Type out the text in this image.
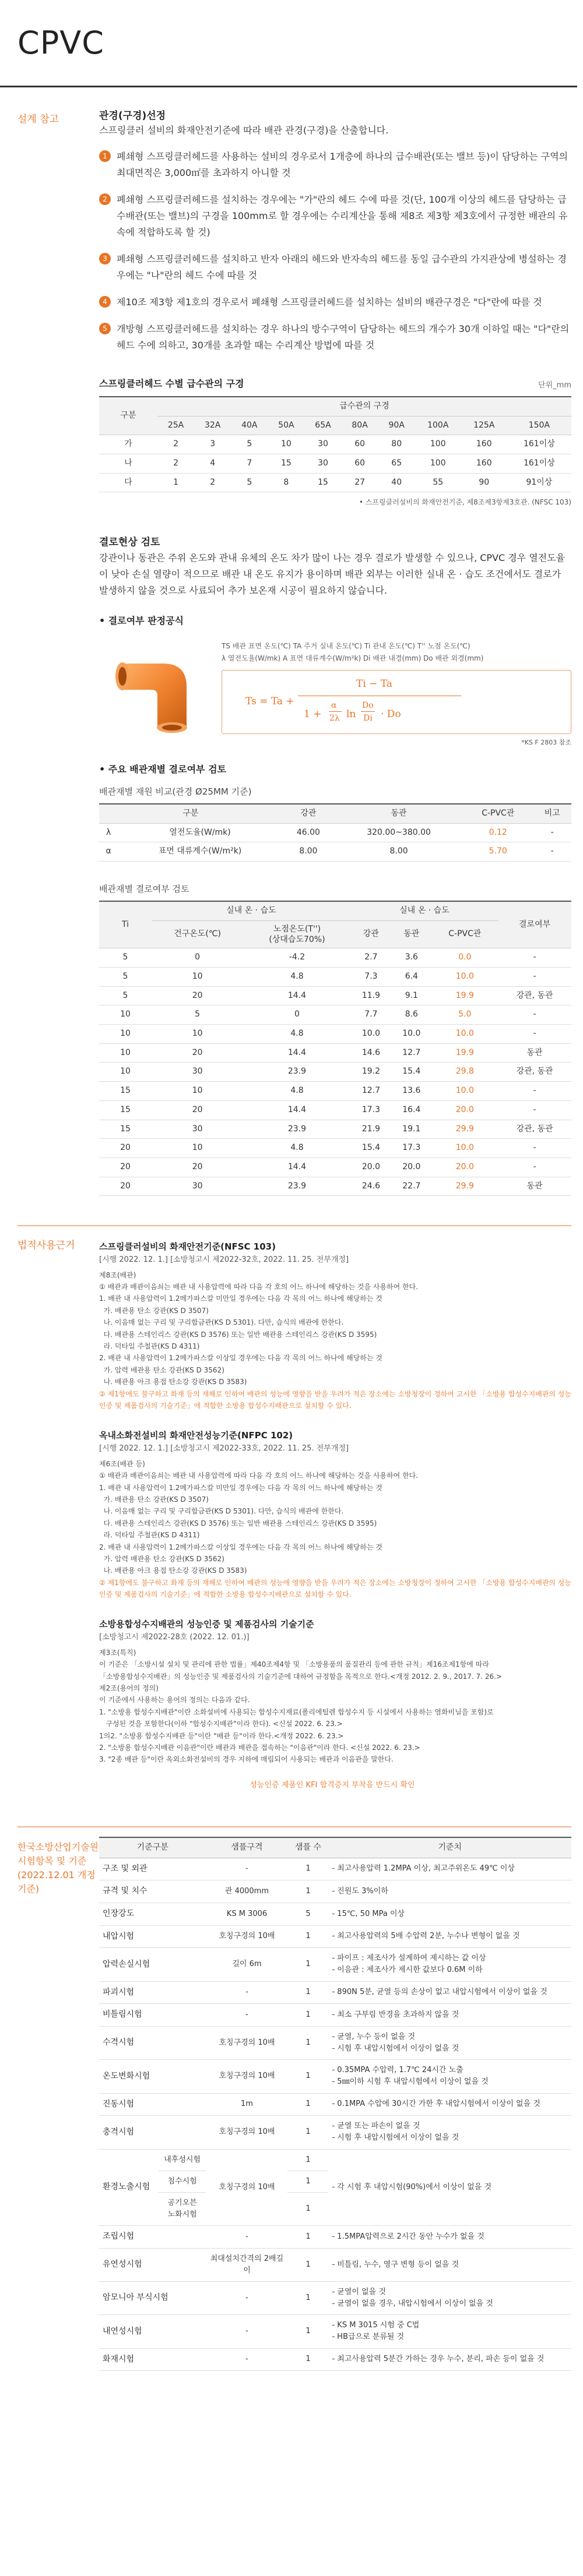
CPVC
설계 참고	관경(구경)선정
스프링클러 설비의 화재안전기준에 따라 배관 관경(구경)을 산출합니다.
1	폐쇄형 스프링클러헤드를 사용하는 설비의 경우로서 1개층에 하나의 급수배관(또는 밸브 등)이 담당하는 구역의 최대면적은 3,000㎡를 초과하지 아니할 것
2	폐쇄형 스프링클러헤드를 설치하는 경우에는 "가"란의 헤드 수에 따를 것(단, 100개 이상의 헤드를 담당하는 급수배관(또는 밸브)의 구경을 100mm로 할 경우에는 수리계산을 통해 제8조 제3항 제3호에서 규정한 배관의 유속에 적합하도록 할 것)
3	폐쇄형 스프링클러헤드를 설치하고 반자 아래의 헤드와 반자속의 헤드를 동일 급수관의 가지관상에 병설하는 경우에는 "나"란의 헤드 수에 따를 것
4	제10조 제3항 제1호의 경우로서 폐쇄형 스프링클러헤드를 설치하는 설비의 배관구경은 "다"란에 따를 것
5	개방형 스프링클러헤드를 설치하는 경우 하나의 방수구역이 담당하는 헤드의 개수가 30개 이하일 때는 "다"란의 헤드 수에 의하고, 30개를 초과할 때는 수리계산 방법에 따를 것
스프링클러헤드 수별 급수관의 구경	단위_mm
구분	급수관의 구경									
	25A	32A	40A	50A	65A	80A	90A	100A	125A	150A
가	2	3	5	10	30	60	80	100	160	161이상
나	2	4	7	15	30	60	65	100	160	161이상
다	1	2	5	8	15	27	40	55	90	91이상
• 스프링클러설비의 화재안전기준, 제8조제3항제3호관. (NFSC 103)
결로현상 검토
강관이나 동관은 주위 온도와 관내 유체의 온도 차가 많이 나는 경우 결로가 발생할 수 있으나, CPVC 경우 열전도율이 낮아 손실 열량이 적으므로 배관 내 온도 유지가 용이하며 배관 외부는 이러한 실내 온 · 습도 조건에서도 결로가 발생하지 않을 것으로 사료되어 추가 보온재 시공이 필요하지 않습니다.
• 결로여부 판정공식
TS 배관 표면 온도(℃) TA 주거 실내 온도(℃) Ti 관내 온도(℃) T'' 노점 온도(℃)
λ 열전도율(W/mk) A 표면 대류계수(W/m²k) Di 배관 내경(mm) Do 배관 외경(mm)
Ts = Ta +
Ti − Ta
1 +
α
2λ ln
Do
Di · Do
*KS F 2803 참조
• 주요 배관재별 결로여부 검토
배관재별 재원 비교(관경 Ø25MM 기준)
구분		강관	동관	C-PVC관	비고
λ	열전도율(W/mk)	46.00	320.00~380.00	0.12	-
α	표면 대류계수(W/m²k)	8.00	8.00	5.70	-
배관재별 결로여부 검토
Ti	실내 온 · 습도		실내 온 · 습도			결로여부
	건구온도(℃)	노점온도(T'')
(상대습도70%)	강관	동관	C-PVC관	
5	0	-4.2	2.7	3.6	0.0	-
5	10	4.8	7.3	6.4	10.0	-
5	20	14.4	11.9	9.1	19.9	강관, 동관
10	5	0	7.7	8.6	5.0	-
10	10	4.8	10.0	10.0	10.0	-
10	20	14.4	14.6	12.7	19.9	동관
10	30	23.9	19.2	15.4	29.8	강관, 동관
15	10	4.8	12.7	13.6	10.0	-
15	20	14.4	17.3	16.4	20.0	-
15	30	23.9	21.9	19.1	29.9	강관, 동관
20	10	4.8	15.4	17.3	10.0	-
20	20	14.4	20.0	20.0	20.0	-
20	30	23.9	24.6	22.7	29.9	동관
법적사용근거	스프링클러설비의 화재안전기준(NFSC 103)
[시행 2022. 12. 1.] [소방청고시 제2022-32호, 2022. 11. 25. 전부개정]
제8조(배관)
① 배관과 배관이음쇠는 배관 내 사용압력에 따라 다음 각 호의 어느 하나에 해당하는 것을 사용하여 한다.
1. 배관 내 사용압력이 1.2메가파스칼 미만일 경우에는 다음 각 목의 어느 하나에 해당하는 것
가. 배관용 탄소 강관(KS D 3507)
나. 이음매 없는 구리 및 구리합금관(KS D 5301). 다만, 습식의 배관에 한한다.
다. 배관용 스테인리스 강관(KS D 3576) 또는 일반 배관용 스테인리스 강관(KS D 3595)
라. 덕타일 주철관(KS D 4311)
2. 배관 내 사용압력이 1.2메가파스칼 이상일 경우에는 다음 각 목의 어느 하나에 해당하는 것
가. 압력 배관용 탄소 강관(KS D 3562)
나. 배관용 아크 용접 탄소강 강관(KS D 3583)
② 제1항에도 불구하고 화재 등의 재해로 인하여 배관의 성능에 영향을 받을 우려가 적은 장소에는 소방청장이 정하여 고시한 「소방용 합성수지배관의 성능인증 및 제품검사의 기술기준」에 적합한 소방용 합성수지배관으로 설치할 수 있다.
옥내소화전설비의 화재안전성능기준(NFPC 102)
[시행 2022. 12. 1.] [소방청고시 제2022-33호, 2022. 11. 25. 전부개정]
제6조(배관 등)
① 배관과 배관이음쇠는 배관 내 사용압력에 따라 다음 각 호의 어느 하나에 해당하는 것을 사용하여 한다.
1. 배관 내 사용압력이 1.2메가파스칼 미만일 경우에는 다음 각 목의 어느 하나에 해당하는 것
가. 배관용 탄소 강관(KS D 3507)
나. 이음매 없는 구리 및 구리합금관(KS D 5301). 다만, 습식의 배관에 한한다.
다. 배관용 스테인리스 강관(KS D 3576) 또는 일반 배관용 스테인리스 강관(KS D 3595)
라. 덕타일 주철관(KS D 4311)
2. 배관 내 사용압력이 1.2메가파스칼 이상일 경우에는 다음 각 목의 어느 하나에 해당하는 것
가. 압력 배관용 탄소 강관(KS D 3562)
나. 배관용 아크 용접 탄소강 강관(KS D 3583)
② 제1항에도 불구하고 화재 등의 재해로 인하여 배관의 성능에 영향을 받을 우려가 적은 장소에는 소방청장이 정하여 고시한 「소방용 합성수지배관의 성능인증 및 제품검사의 기술기준」에 적합한 소방용 합성수지배관으로 설치할 수 있다.
소방용합성수지배관의 성능인증 및 제품검사의 기술기준
[소방청고시 제2022-28호 (2022. 12. 01.)]
제3조(특칙)
이 기준은 「소방시설 설치 및 관리에 관한 법률」제40조제4항 및 「소방용품의 품질관리 등에 관한 규칙」제16조제1항에 따라
「소방용합성수지배관」의 성능인증 및 제품검사의 기술기준에 대하여 규정함을 목적으로 한다.<개정 2012. 2. 9., 2017. 7. 26.>
제2조(용어의 정의)
이 기준에서 사용하는 용어의 정의는 다음과 같다.
1. "소방용 합성수지배관"이란 소화설비에 사용되는 합성수지재료(폴리에틸렌 합성수지 등 시설에서 사용하는 염화비닐을 포함)로
구성된 것을 포함한다(이하 "합성수지배관"이라 한다). <신설 2022. 6. 23.>
1의2. "소방용 합성수지배관 등"이란 "배관 등"이라 한다.<개정 2022. 6. 23.>
2. "소방용 합성수지배관 이음관"이란 배관과 배관을 접속하는 "이음관"이라 한다. <신설 2022. 6. 23.>
3. "2종 배관 등"이란 옥외소화전설비의 경우 지하에 매립되어 사용되는 배관과 이음관을 말한다.
성능인증 제품인 KFI 합격증지 부착을 반드시 확인
한국소방산업기술원 시험항목 및 기준
(2022.12.01 개정 기준)
기준구분		샘플구격	샘플 수	기준치
구조 및 외관		-	1	- 최고사용압력 1.2MPA 이상, 최고주위온도 49℃ 이상
규격 및 치수		관 4000mm	1	- 진원도 3%이하
인장강도		KS M 3006	5	- 15℃, 50 MPa 이상
내압시험		호칭구경의 10배	1	- 최고사용압력의 5배 수압력 2분, 누수나 변형이 없을 것
압력손실시험		길이 6m	1	- 파이프 : 제조사가 설계하여 제시하는 값 이상
- 이음관 : 제조사가 제시한 값보다 0.6M 이하
파괴시험		-	1	- 890N 5분, 균열 등의 손상이 없고 내압시험에서 이상이 없을 것
비틀림시험		-	1	- 최소 구부림 반경을 초과하지 않을 것
수격시험		호칭구경의 10배	1	- 균열, 누수 등이 없을 것
- 시험 후 내압시험에서 이상이 없을 것
온도변화시험		호칭구경의 10배	1	- 0.35MPA 수압력, 1.7℃ 24시간 노출
- 5㎜이하 시험 후 내압시험에서 이상이 없을 것
진동시험		1m	1	- 0.1MPA 수압에 30시간 가한 후 내압시험에서 이상이 없을 것
충격시험		호칭구경의 10배	1	- 균열 또는 파손이 없을 것
- 시험 후 내압시험에서 이상이 없을 것
환경노출시험	내후성시험	호칭구경의 10배	1	- 각 시험 후 내압시험(90%)에서 이상이 없을 것
	침수시험		1	
	공기오븐
노화시험		1	
조립시험		-	1	- 1.5MPA압력으로 2시간 동안 누수가 없을 것
유연성시험		최대설치간격의 2배길이	1	- 비틀림, 누수, 영구 변형 등이 없을 것
암모니아 부식시험		-	1	- 균열이 없을 것
- 균열이 없을 경우, 내압시험에서 이상이 없을 것
내연성시험		-	1	- KS M 3015 시험 중 C법
- HB급으로 분류될 것
화재시험		-	1	- 최고사용압력 5분간 가하는 경우 누수, 분리, 파손 등이 없을 것
